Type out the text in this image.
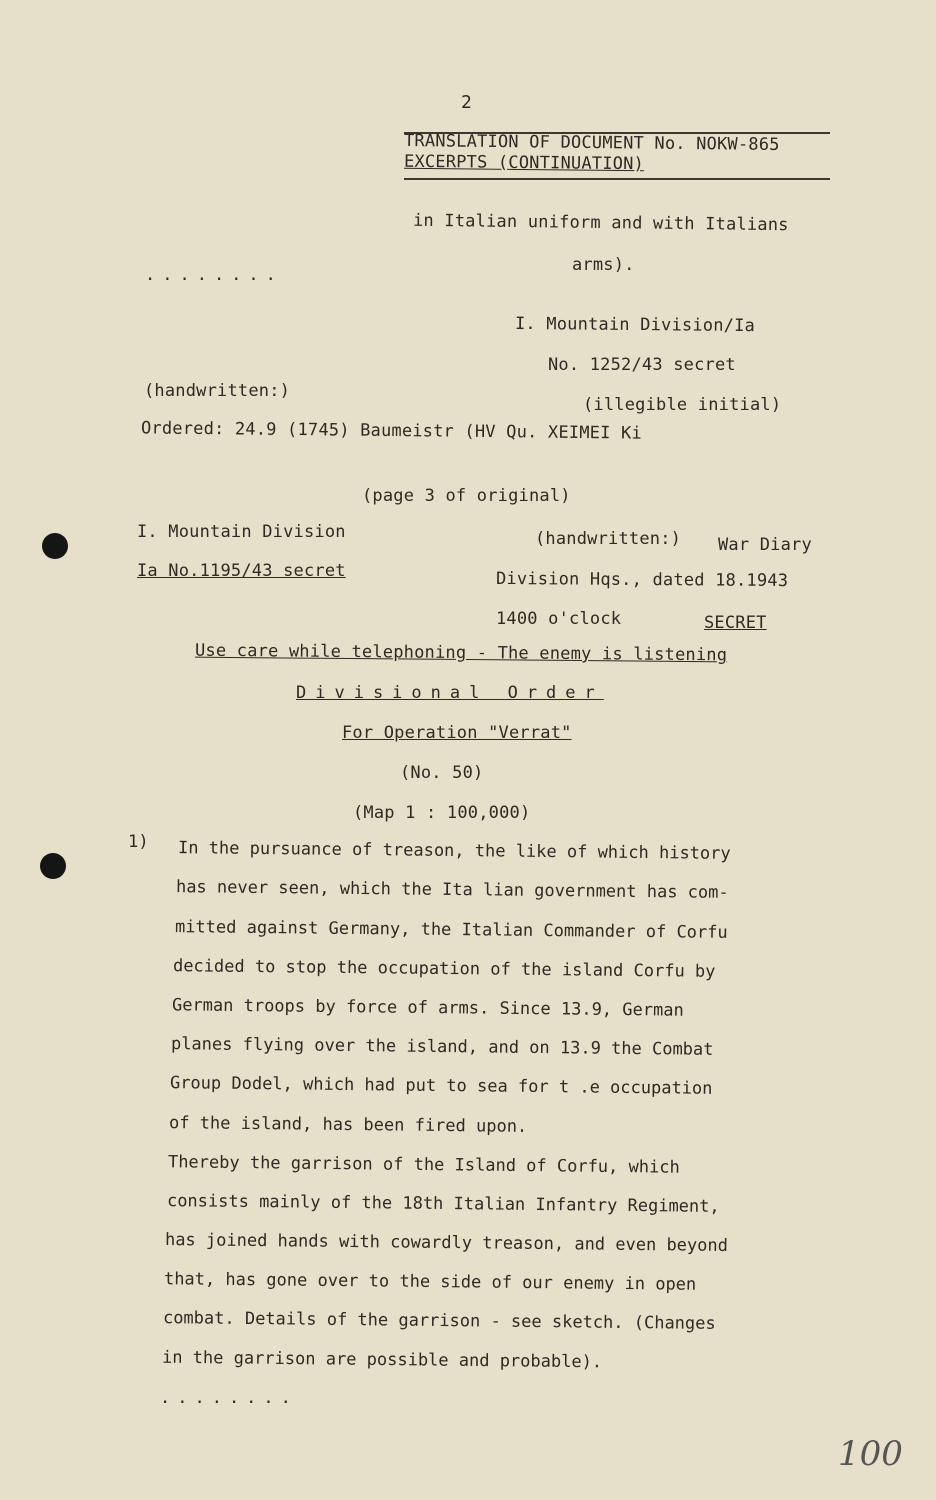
2
TRANSLATION OF DOCUMENT No. NOKW-865
EXCERPTS (CONTINUATION)
in Italian uniform and with Italians
arms).
........
I. Mountain Division/Ia
No. 1252/43 secret
(handwritten:)
(illegible initial)
Ordered: 24.9 (1745) Baumeistr (HV Qu. XEIMEI Ki
(page 3 of original)
I. Mountain Division
Ia No.1195/43 secret
(handwritten:) War Diary
Division Hqs., dated 18.1943
1400 o'clock	SECRET
Use care while telephoning - The enemy is listening
Divisional Order
For Operation "Verrat"
(No. 50)
(Map 1 : 100,000)
1) In the pursuance of treason, the like of which history
has never seen, which the Ita lian government has com-
mitted against Germany, the Italian Commander of Corfu
decided to stop the occupation of the island Corfu by
German troops by force of arms. Since 13.9, German
planes flying over the island, and on 13.9 the Combat
Group Dodel, which had put to sea for t .e occupation
of the island, has been fired upon.
Thereby the garrison of the Island of Corfu, which
consists mainly of the 18th Italian Infantry Regiment,
has joined hands with cowardly treason, and even beyond
that, has gone over to the side of our enemy in open
combat. Details of the garrison - see sketch. (Changes
in the garrison are possible and probable).
........
100
